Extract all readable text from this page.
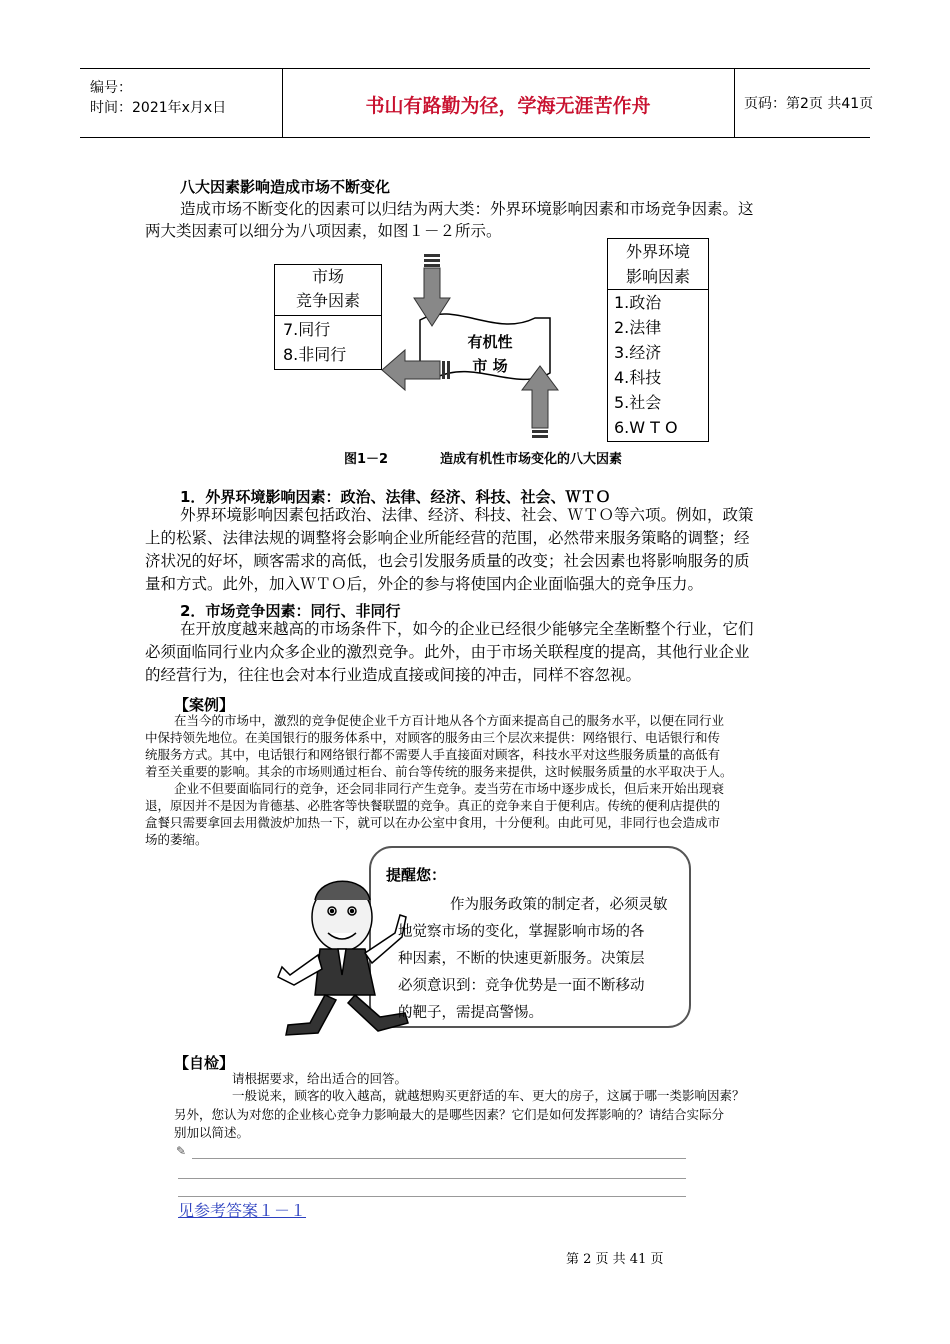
编号：
时间：2021年x月x日	书山有路勤为径，学海无涯苦作舟	页码：第2页 共41页
八大因素影响造成市场不断变化
造成市场不断变化的因素可以归结为两大类：外界环境影响因素和市场竞争因素。这
两大类因素可以细分为八项因素，如图１－２所示。
市场
竞争因素
7.同行
8.非同行
有机性
市 场
外界环境
影响因素
1.政治
2.法律
3.经济
4.科技
5.社会
6.W T O
图1－2	造成有机性市场变化的八大因素
1．外界环境影响因素：政治、法律、经济、科技、社会、ＷＴＯ
外界环境影响因素包括政治、法律、经济、科技、社会、ＷＴＯ等六项。例如，政策
上的松紧、法律法规的调整将会影响企业所能经营的范围，必然带来服务策略的调整；经
济状况的好坏，顾客需求的高低，也会引发服务质量的改变；社会因素也将影响服务的质
量和方式。此外，加入ＷＴＯ后，外企的参与将使国内企业面临强大的竞争压力。
2．市场竞争因素：同行、非同行
在开放度越来越高的市场条件下，如今的企业已经很少能够完全垄断整个行业，它们
必须面临同行业内众多企业的激烈竞争。此外，由于市场关联程度的提高，其他行业企业
的经营行为，往往也会对本行业造成直接或间接的冲击，同样不容忽视。
【案例】
在当今的市场中，激烈的竞争促使企业千方百计地从各个方面来提高自己的服务水平，以便在同行业
中保持领先地位。在美国银行的服务体系中，对顾客的服务由三个层次来提供：网络银行、电话银行和传
统服务方式。其中，电话银行和网络银行都不需要人手直接面对顾客，科技水平对这些服务质量的高低有
着至关重要的影响。其余的市场则通过柜台、前台等传统的服务来提供，这时候服务质量的水平取决于人。
企业不但要面临同行的竞争，还会同非同行产生竞争。麦当劳在市场中逐步成长，但后来开始出现衰
退，原因并不是因为肯德基、必胜客等快餐联盟的竞争。真正的竞争来自于便利店。传统的便利店提供的
盒餐只需要拿回去用微波炉加热一下，就可以在办公室中食用，十分便利。由此可见，非同行也会造成市
场的萎缩。
提醒您：
作为服务政策的制定者，必须灵敏
地觉察市场的变化，掌握影响市场的各
种因素，不断的快速更新服务。决策层
必须意识到：竞争优势是一面不断移动
的靶子，需提高警惕。
【自检】
请根据要求，给出适合的回答。
一般说来，顾客的收入越高，就越想购买更舒适的车、更大的房子，这属于哪一类影响因素？
另外，您认为对您的企业核心竞争力影响最大的是哪些因素？它们是如何发挥影响的？请结合实际分
别加以简述。
✎
见参考答案１－１
第 2 页 共 41 页
